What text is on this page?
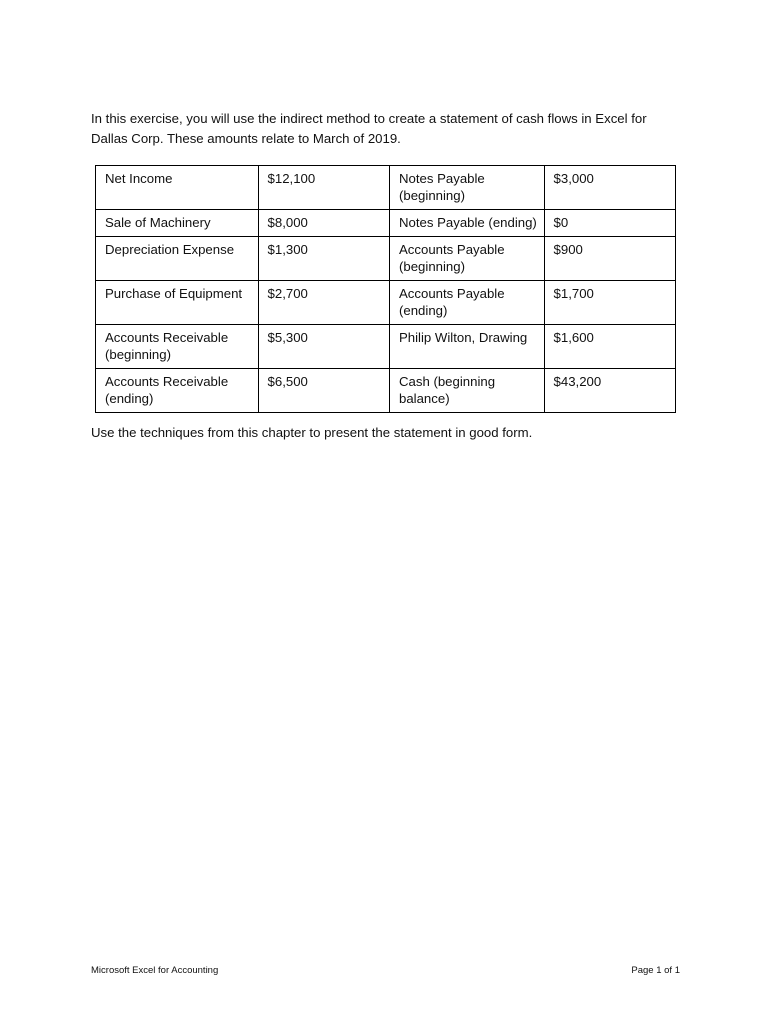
In this exercise, you will use the indirect method to create a statement of cash flows in Excel for Dallas Corp. These amounts relate to March of 2019.

Net Income	$12,100	Notes Payable (beginning)	$3,000
Sale of Machinery	$8,000	Notes Payable (ending)	$0
Depreciation Expense	$1,300	Accounts Payable (beginning)	$900
Purchase of Equipment	$2,700	Accounts Payable (ending)	$1,700
Accounts Receivable (beginning)	$5,300	Philip Wilton, Drawing	$1,600
Accounts Receivable (ending)	$6,500	Cash (beginning balance)	$43,200

Use the techniques from this chapter to present the statement in good form.

Microsoft Excel for Accounting	Page 1 of 1
